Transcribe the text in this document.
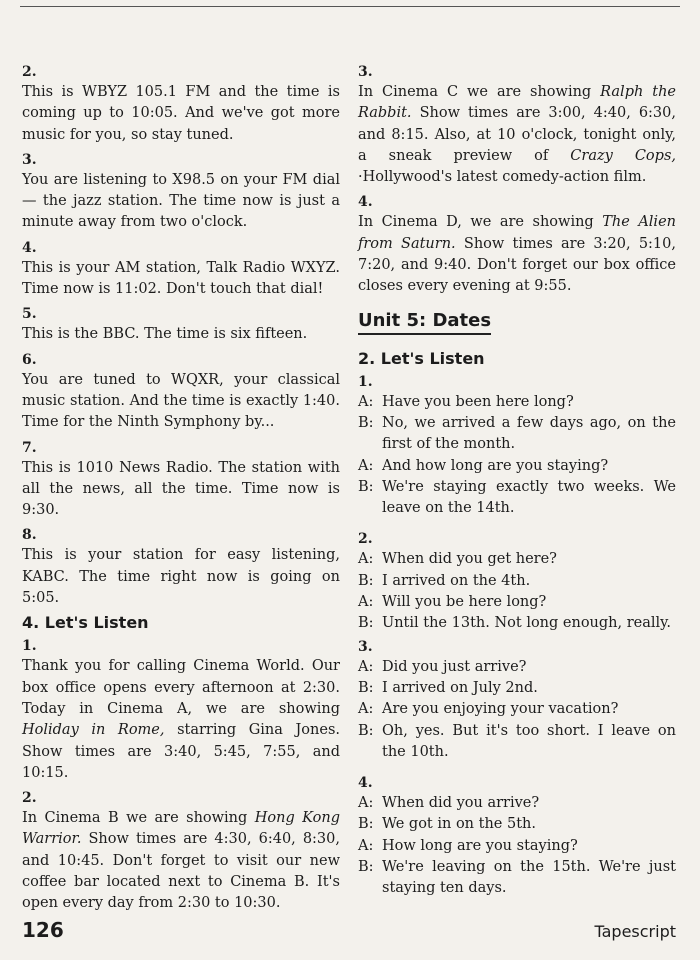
2.

This is WBYZ 105.1 FM and the time is coming up to 10:05. And we've got more music for you, so stay tuned.

3.

You are listening to X98.5 on your FM dial — the jazz station. The time now is just a minute away from two o'clock.

4.

This is your AM station, Talk Radio WXYZ. Time now is 11:02. Don't touch that dial!

5.

This is the BBC. The time is six fifteen.

6.

You are tuned to WQXR, your classical music station. And the time is exactly 1:40. Time for the Ninth Symphony by...

7.

This is 1010 News Radio. The station with all the news, all the time. Time now is 9:30.

8.

This is your station for easy listening, KABC. The time right now is going on 5:05.

4. Let's Listen

1.

Thank you for calling Cinema World. Our box office opens every afternoon at 2:30. Today in Cinema A, we are showing Holiday in Rome, starring Gina Jones. Show times are 3:40, 5:45, 7:55, and 10:15.

2.

In Cinema B we are showing Hong Kong Warrior. Show times are 4:30, 6:40, 8:30, and 10:45. Don't forget to visit our new coffee bar located next to Cinema B. It's open every day from 2:30 to 10:30.

3.

In Cinema C we are showing Ralph the Rabbit. Show times are 3:00, 4:40, 6:30, and 8:15. Also, at 10 o'clock, tonight only, a sneak preview of Crazy Cops, ·Hollywood's latest comedy-action film.

4.

In Cinema D, we are showing The Alien from Saturn. Show times are 3:20, 5:10, 7:20, and 9:40. Don't forget our box office closes every evening at 9:55.

Unit 5: Dates
2. Let's Listen

1.

A: Have you been here long?
B: No, we arrived a few days ago, on the first of the month.
A: And how long are you staying?
B: We're staying exactly two weeks. We leave on the 14th.

2.

A: When did you get here?
B: I arrived on the 4th.
A: Will you be here long?
B: Until the 13th. Not long enough, really.

3.

A: Did you just arrive?
B: I arrived on July 2nd.
A: Are you enjoying your vacation?
B: Oh, yes. But it's too short. I leave on the 10th.

4.

A: When did you arrive?
B: We got in on the 5th.
A: How long are you staying?
B: We're leaving on the 15th. We're just staying ten days.
126	Tapescript
